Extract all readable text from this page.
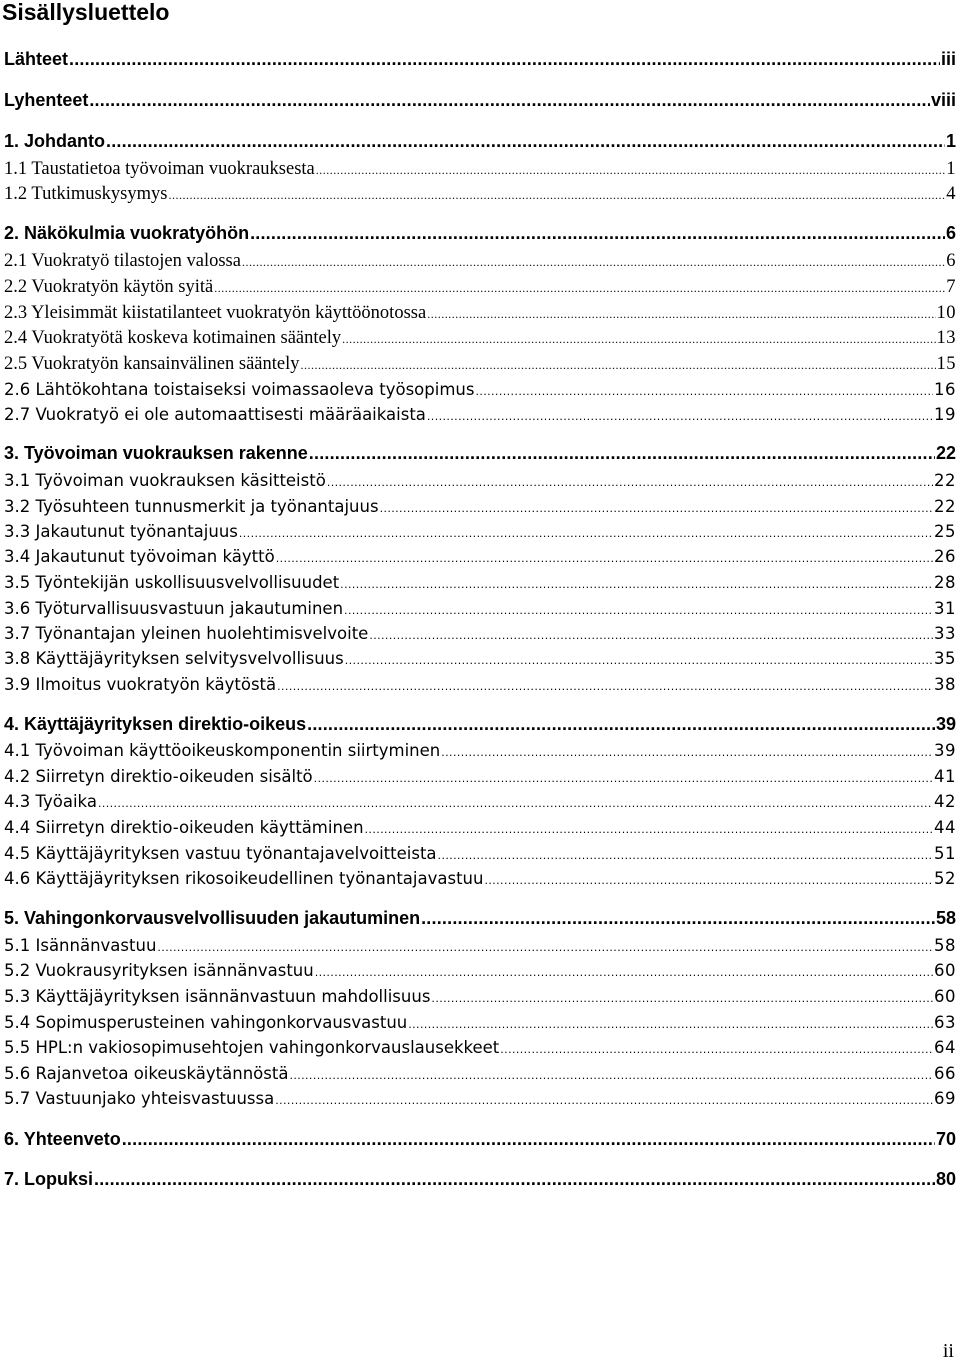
Sisällysluettelo
Lähteet .....	iii
Lyhenteet .....	viii
1. Johdanto .....	1
1.1 Taustatietoa työvoiman vuokrauksesta .....	1
1.2 Tutkimuskysymys .....	4
2. Näkökulmia vuokratyöhön .....	6
2.1 Vuokratyö tilastojen valossa .....	6
2.2 Vuokratyön käytön syitä .....	7
2.3 Yleisimmät kiistatilanteet vuokratyön käyttöönotossa .....	10
2.4 Vuokratyötä koskeva kotimainen sääntely .....	13
2.5 Vuokratyön kansainvälinen sääntely .....	15
2.6 Lähtökohtana toistaiseksi voimassaoleva työsopimus .....	16
2.7 Vuokratyö ei ole automaattisesti määräaikaista .....	19
3. Työvoiman vuokrauksen rakenne .....	22
3.1 Työvoiman vuokrauksen käsitteistö .....	22
3.2 Työsuhteen tunnusmerkit ja työnantajuus .....	22
3.3 Jakautunut työnantajuus .....	25
3.4 Jakautunut työvoiman käyttö .....	26
3.5 Työntekijän uskollisuusvelvollisuudet .....	28
3.6 Työturvallisuusvastuun jakautuminen .....	31
3.7 Työnantajan yleinen huolehtimisvelvoite .....	33
3.8 Käyttäjäyrityksen selvitysvelvollisuus .....	35
3.9 Ilmoitus vuokratyön käytöstä .....	38
4. Käyttäjäyrityksen direktio-oikeus .....	39
4.1 Työvoiman käyttöoikeuskomponentin siirtyminen .....	39
4.2 Siirretyn direktio-oikeuden sisältö .....	41
4.3 Työaika .....	42
4.4 Siirretyn direktio-oikeuden käyttäminen .....	44
4.5 Käyttäjäyrityksen vastuu työnantajavelvoitteista .....	51
4.6 Käyttäjäyrityksen rikosoikeudellinen työnantajavastuu .....	52
5. Vahingonkorvausvelvollisuuden jakautuminen .....	58
5.1 Isännänvastuu .....	58
5.2 Vuokrausyrityksen isännänvastuu .....	60
5.3 Käyttäjäyrityksen isännänvastuun mahdollisuus .....	60
5.4 Sopimusperusteinen vahingonkorvausvastuu .....	63
5.5 HPL:n vakiosopimusehtojen vahingonkorvauslausekkeet .....	64
5.6 Rajanvetoa oikeuskäytännöstä .....	66
5.7 Vastuunjako yhteisvastuussa .....	69
6. Yhteenveto .....	70
7. Lopuksi .....	80
ii
